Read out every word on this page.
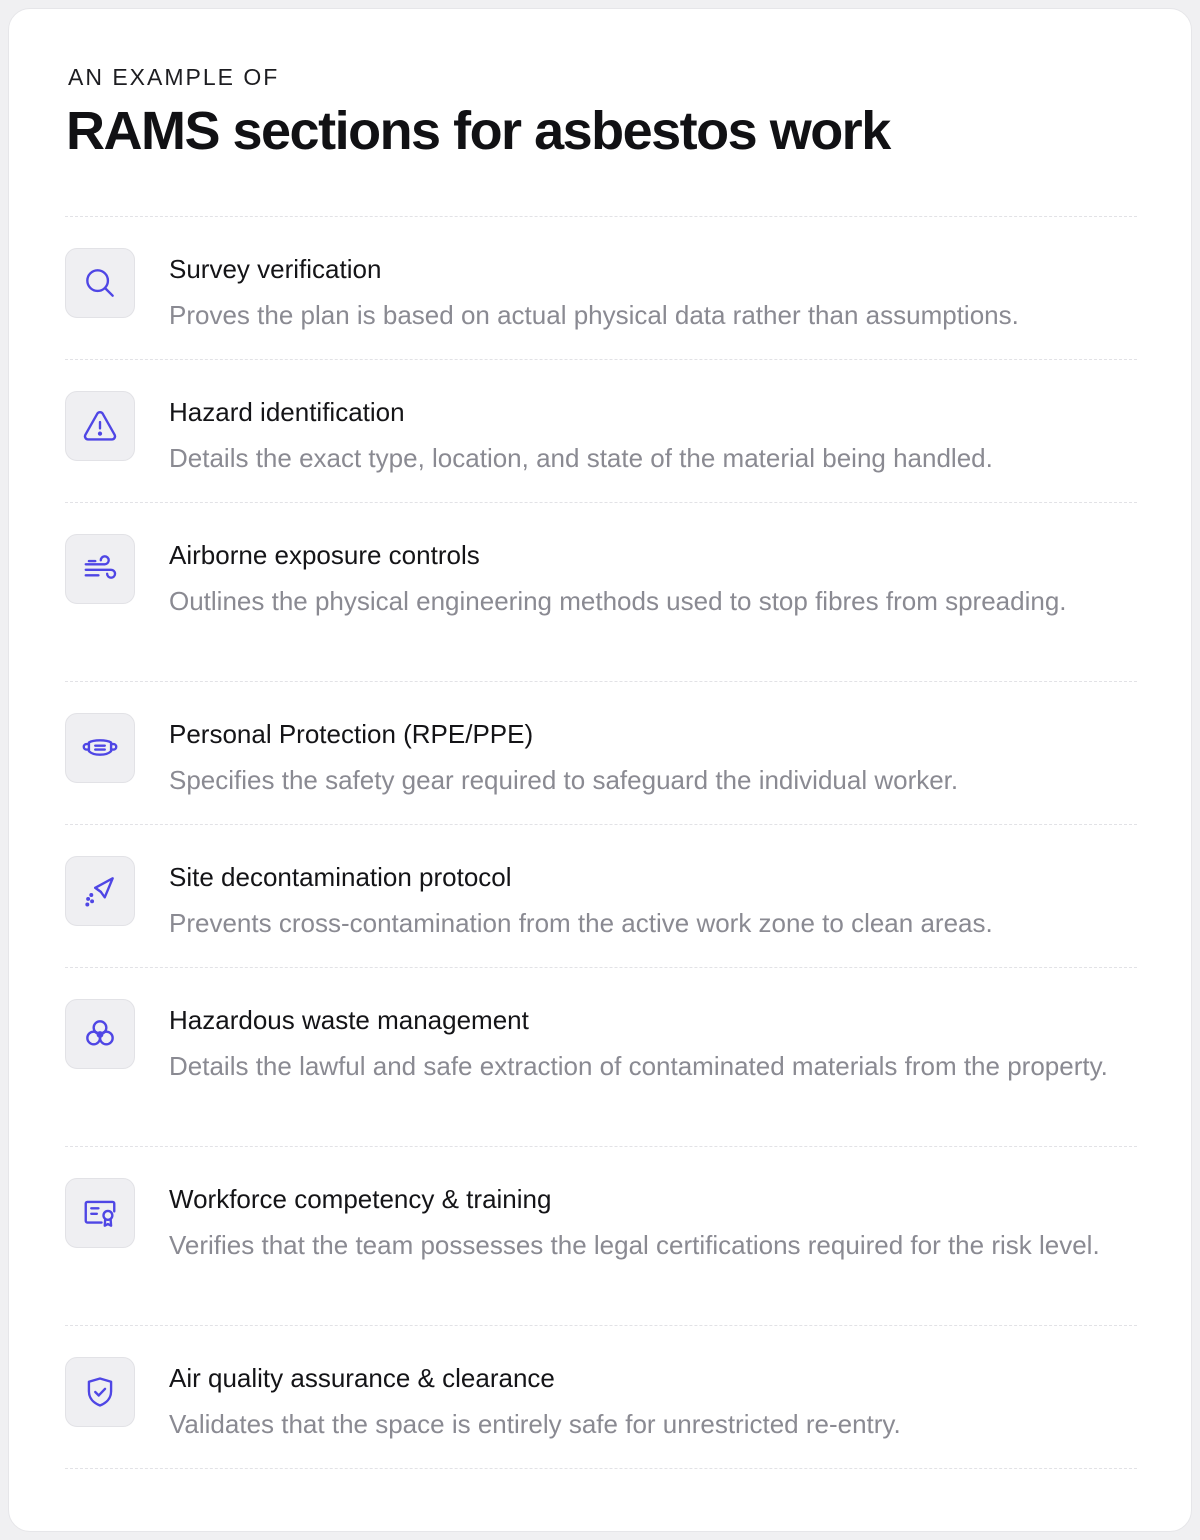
AN EXAMPLE OF
RAMS sections for asbestos work
Survey verification
Proves the plan is based on actual physical data rather than assumptions.
Hazard identification
Details the exact type, location, and state of the material being handled.
Airborne exposure controls
Outlines the physical engineering methods used to stop fibres from spreading.
Personal Protection (RPE/PPE)
Specifies the safety gear required to safeguard the individual worker.
Site decontamination protocol
Prevents cross-contamination from the active work zone to clean areas.
Hazardous waste management
Details the lawful and safe extraction of contaminated materials from the property.
Workforce competency & training
Verifies that the team possesses the legal certifications required for the risk level.
Air quality assurance & clearance
Validates that the space is entirely safe for unrestricted re-entry.
